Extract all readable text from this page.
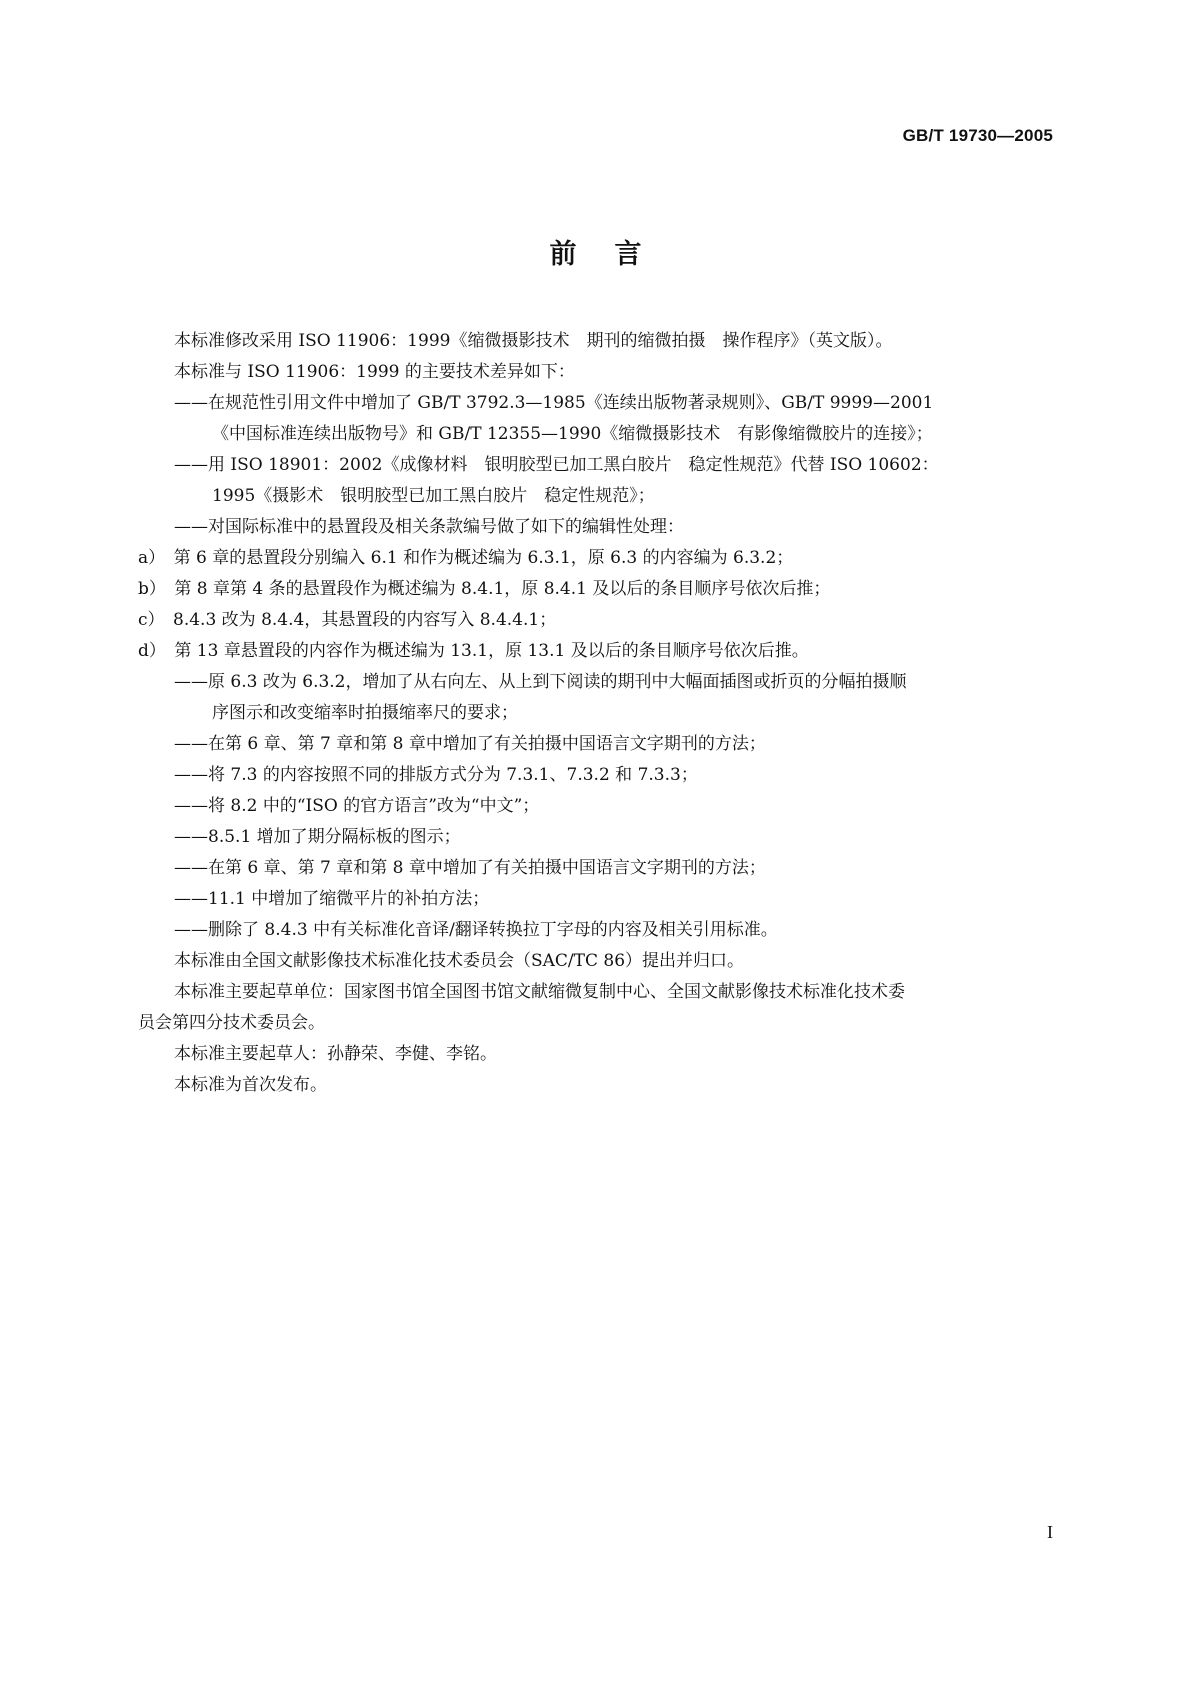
GB/T 19730—2005
前言
本标准修改采用 ISO 11906：1999《缩微摄影技术　期刊的缩微拍摄　操作程序》（英文版）。
本标准与 ISO 11906：1999 的主要技术差异如下：
——在规范性引用文件中增加了 GB/T 3792.3—1985《连续出版物著录规则》、GB/T 9999—2001
《中国标准连续出版物号》和 GB/T 12355—1990《缩微摄影技术　有影像缩微胶片的连接》；
——用 ISO 18901：2002《成像材料　银明胶型已加工黑白胶片　稳定性规范》代替 ISO 10602：
1995《摄影术　银明胶型已加工黑白胶片　稳定性规范》；
——对国际标准中的悬置段及相关条款编号做了如下的编辑性处理：
a）　第 6 章的悬置段分别编入 6.1 和作为概述编为 6.3.1，原 6.3 的内容编为 6.3.2；
b）　第 8 章第 4 条的悬置段作为概述编为 8.4.1，原 8.4.1 及以后的条目顺序号依次后推；
c）　8.4.3 改为 8.4.4，其悬置段的内容写入 8.4.4.1；
d）　第 13 章悬置段的内容作为概述编为 13.1，原 13.1 及以后的条目顺序号依次后推。
——原 6.3 改为 6.3.2，增加了从右向左、从上到下阅读的期刊中大幅面插图或折页的分幅拍摄顺
序图示和改变缩率时拍摄缩率尺的要求；
——在第 6 章、第 7 章和第 8 章中增加了有关拍摄中国语言文字期刊的方法；
——将 7.3 的内容按照不同的排版方式分为 7.3.1、7.3.2 和 7.3.3；
——将 8.2 中的“ISO 的官方语言”改为“中文”；
——8.5.1 增加了期分隔标板的图示；
——在第 6 章、第 7 章和第 8 章中增加了有关拍摄中国语言文字期刊的方法；
——11.1 中增加了缩微平片的补拍方法；
——删除了 8.4.3 中有关标准化音译/翻译转换拉丁字母的内容及相关引用标准。
本标准由全国文献影像技术标准化技术委员会（SAC/TC 86）提出并归口。
本标准主要起草单位：国家图书馆全国图书馆文献缩微复制中心、全国文献影像技术标准化技术委
员会第四分技术委员会。
本标准主要起草人：孙静荣、李健、李铭。
本标准为首次发布。
I
